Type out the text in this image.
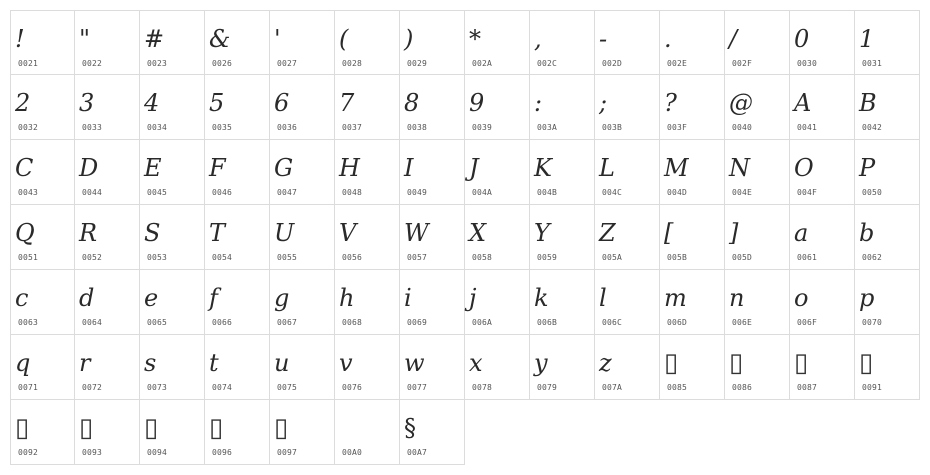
!
0021
"
0022
#
0023
&
0026
'
0027
(
0028
)
0029
*
002A
,
002C
-
002D
.
002E
/
002F
0
0030
1
0031
2
0032
3
0033
4
0034
5
0035
6
0036
7
0037
8
0038
9
0039
:
003A
;
003B
?
003F
@
0040
A
0041
B
0042
C
0043
D
0044
E
0045
F
0046
G
0047
H
0048
I
0049
J
004A
K
004B
L
004C
M
004D
N
004E
O
004F
P
0050
Q
0051
R
0052
S
0053
T
0054
U
0055
V
0056
W
0057
X
0058
Y
0059
Z
005A
[
005B
]
005D
a
0061
b
0062
c
0063
d
0064
e
0065
f
0066
g
0067
h
0068
i
0069
j
006A
k
006B
l
006C
m
006D
n
006E
o
006F
p
0070
q
0071
r
0072
s
0073
t
0074
u
0075
v
0076
w
0077
x
0078
y
0079
z
007A
▯
0085
▯
0086
▯
0087
▯
0091
▯
0092
▯
0093
▯
0094
▯
0096
▯
0097	00A0
§
00A7
